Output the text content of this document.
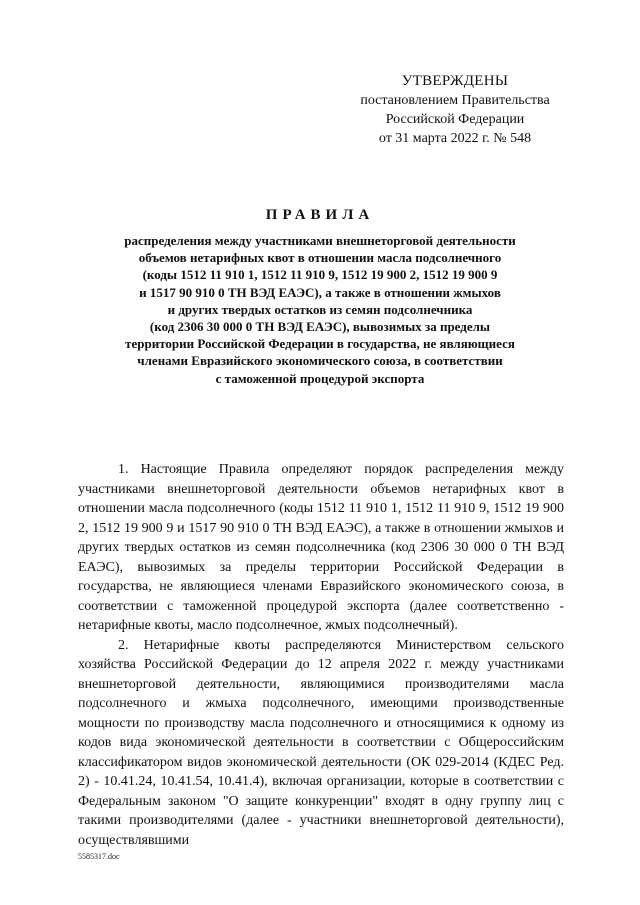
УТВЕРЖДЕНЫ
постановлением Правительства
Российской Федерации
от 31 марта 2022 г. № 548
ПРАВИЛА
распределения между участниками внешнеторговой деятельности
объемов нетарифных квот в отношении масла подсолнечного
(коды 1512 11 910 1, 1512 11 910 9, 1512 19 900 2, 1512 19 900 9
и 1517 90 910 0 ТН ВЭД ЕАЭС), а также в отношении жмыхов
и других твердых остатков из семян подсолнечника
(код 2306 30 000 0 ТН ВЭД ЕАЭС), вывозимых за пределы
территории Российской Федерации в государства, не являющиеся
членами Евразийского экономического союза, в соответствии
с таможенной процедурой экспорта

1. Настоящие Правила определяют порядок распределения между участниками внешнеторговой деятельности объемов нетарифных квот в отношении масла подсолнечного (коды 1512 11 910 1, 1512 11 910 9, 1512 19 900 2, 1512 19 900 9 и 1517 90 910 0 ТН ВЭД ЕАЭС), а также в отношении жмыхов и других твердых остатков из семян подсолнечника (код 2306 30 000 0 ТН ВЭД ЕАЭС), вывозимых за пределы территории Российской Федерации в государства, не являющиеся членами Евразийского экономического союза, в соответствии с таможенной процедурой экспорта (далее соответственно - нетарифные квоты, масло подсолнечное, жмых подсолнечный).

2. Нетарифные квоты распределяются Министерством сельского хозяйства Российской Федерации до 12 апреля 2022 г. между участниками внешнеторговой деятельности, являющимися производителями масла подсолнечного и жмыха подсолнечного, имеющими производственные мощности по производству масла подсолнечного и относящимися к одному из кодов вида экономической деятельности в соответствии с Общероссийским классификатором видов экономической деятельности (ОК 029-2014 (КДЕС Ред. 2) - 10.41.24, 10.41.54, 10.41.4), включая организации, которые в соответствии с Федеральным законом "О защите конкуренции" входят в одну группу лиц с такими производителями (далее - участники внешнеторговой деятельности), осуществлявшими

5585317.doc
